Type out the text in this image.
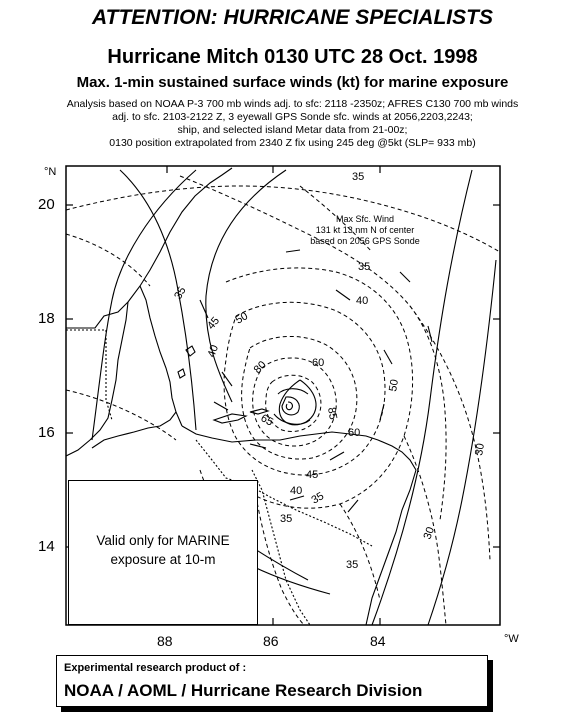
ATTENTION: HURRICANE SPECIALISTS
Hurricane Mitch 0130 UTC 28 Oct. 1998
Max. 1-min sustained surface winds (kt) for marine exposure
Analysis based on NOAA P-3 700 mb winds adj. to sfc: 2118 -2350z; AFRES C130 700 mb winds
adj. to sfc. 2103-2122 Z, 3 eyewall GPS Sonde sfc. winds at 2056,2203,2243;
ship, and selected island Metar data from 21-00z;
0130 position extrapolated from 2340 Z fix using 245 deg @5kt (SLP= 933 mb)
35
35
35	40
45 50
60
80
85
65
60
50
40
30
45
40
35
35
35
30
°N
20
18
16
14
88	86	84	°W
Max Sfc. Wind
131 kt 13 nm N of center
based on 2056 GPS Sonde
Valid only for MARINE
exposure at 10-m
Experimental research product of :
NOAA / AOML / Hurricane Research Division
